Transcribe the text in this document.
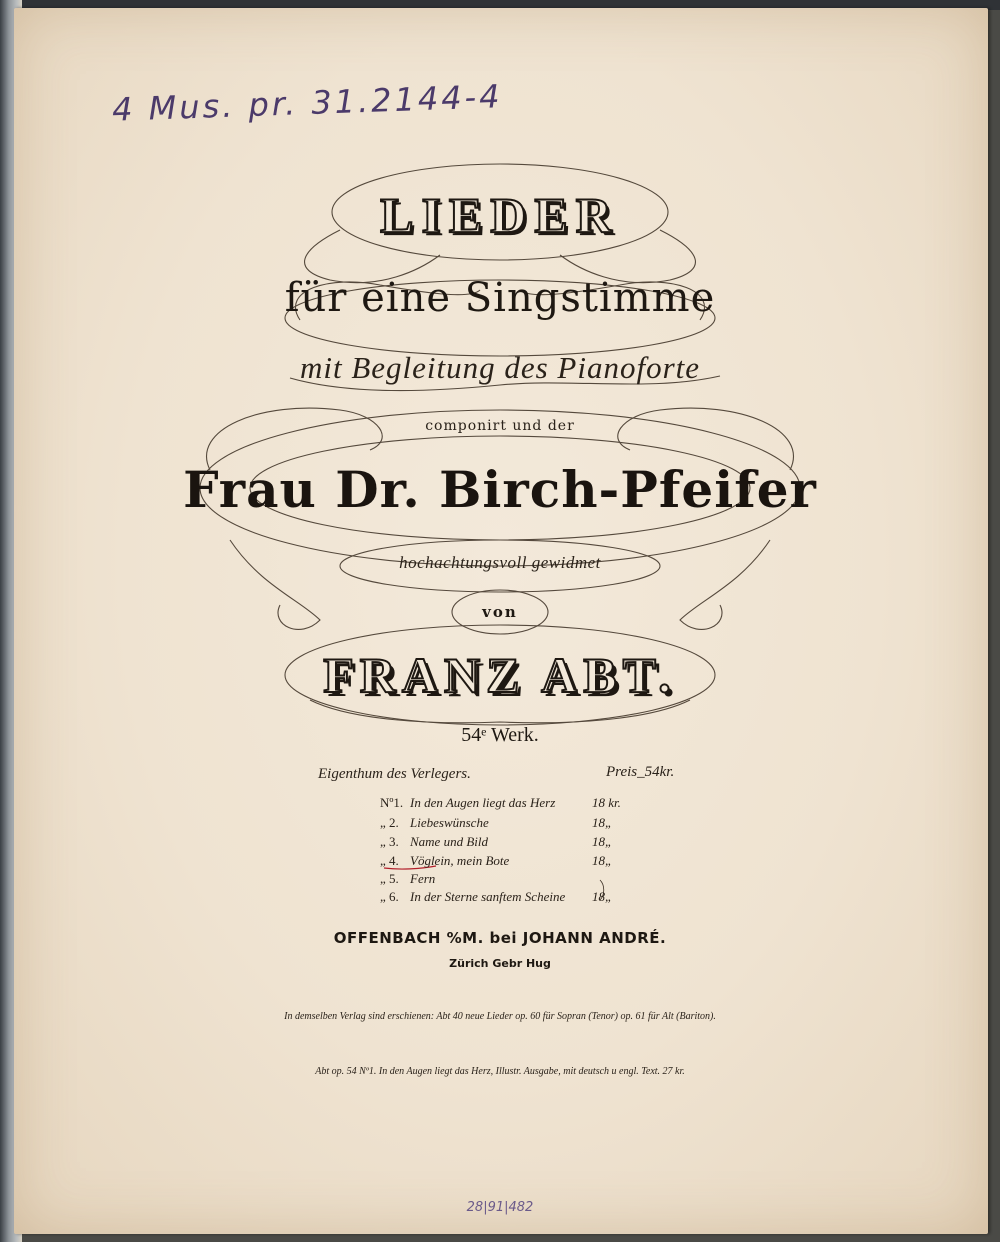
4 Mus. pr. 31.2144-4
LIEDER
für eine Singstimme
mit Begleitung des Pianoforte
componirt und der
Frau Dr. Birch-Pfeifer
hochachtungsvoll gewidmet
von
FRANZ ABT.
54ᵉ Werk.
Eigenthum des Verlegers.	Preis_54kr.
Nº1. In den Augen liegt das Herz	18 kr.
„ 2. Liebeswünsche	18„
„ 3. Name und Bild	18„
„ 4. Vöglein, mein Bote	18„
„ 5. Fern
„ 6. In der Sterne sanftem Scheine 18„
OFFENBACH %M. bei JOHANN ANDRÉ.
Zürich Gebr Hug
In demselben Verlag sind erschienen: Abt 40 neue Lieder op. 60 für Sopran (Tenor) op. 61 für Alt (Bariton).
Abt op. 54 Nº1. In den Augen liegt das Herz, Illustr. Ausgabe, mit deutsch u engl. Text. 27 kr.
28|91|482
